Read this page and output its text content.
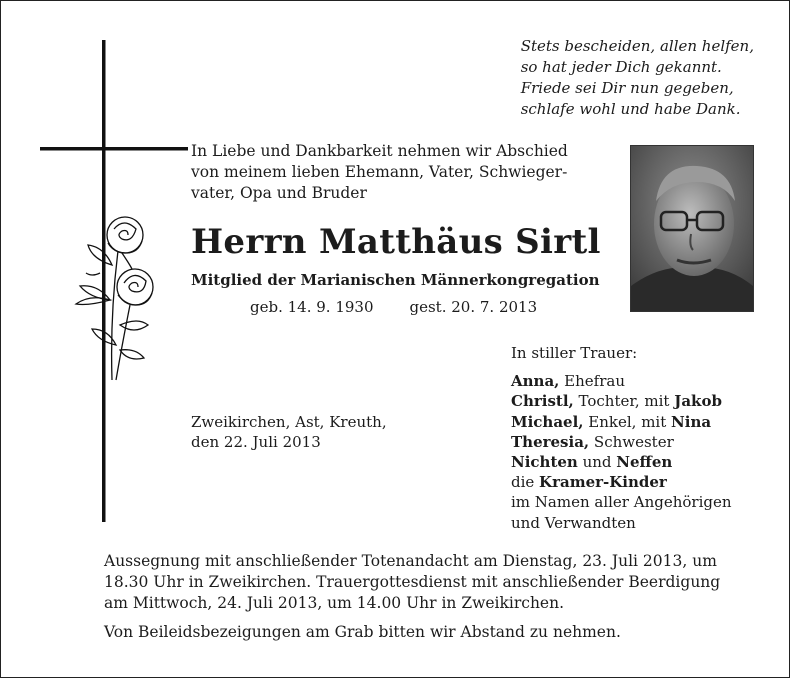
Stets bescheiden, allen helfen,
so hat jeder Dich gekannt.
Friede sei Dir nun gegeben,
schlafe wohl und habe Dank.
In Liebe und Dankbarkeit nehmen wir Abschied
von meinem lieben Ehemann, Vater, Schwieger-
vater, Opa und Bruder
Herrn Matthäus Sirtl
Mitglied der Marianischen Männerkongregation
geb. 14. 9. 1930 gest. 20. 7. 2013
Zweikirchen, Ast, Kreuth,
den 22. Juli 2013
In stiller Trauer:
Anna, Ehefrau
Christl, Tochter, mit Jakob
Michael, Enkel, mit Nina
Theresia, Schwester
Nichten und Neffen
die Kramer-Kinder
im Namen aller Angehörigen
und Verwandten

Aussegnung mit anschließender Totenandacht am Dienstag, 23. Juli 2013, um
18.30 Uhr in Zweikirchen. Trauergottesdienst mit anschließender Beerdigung
am Mittwoch, 24. Juli 2013, um 14.00 Uhr in Zweikirchen.

Von Beileidsbezeigungen am Grab bitten wir Abstand zu nehmen.
